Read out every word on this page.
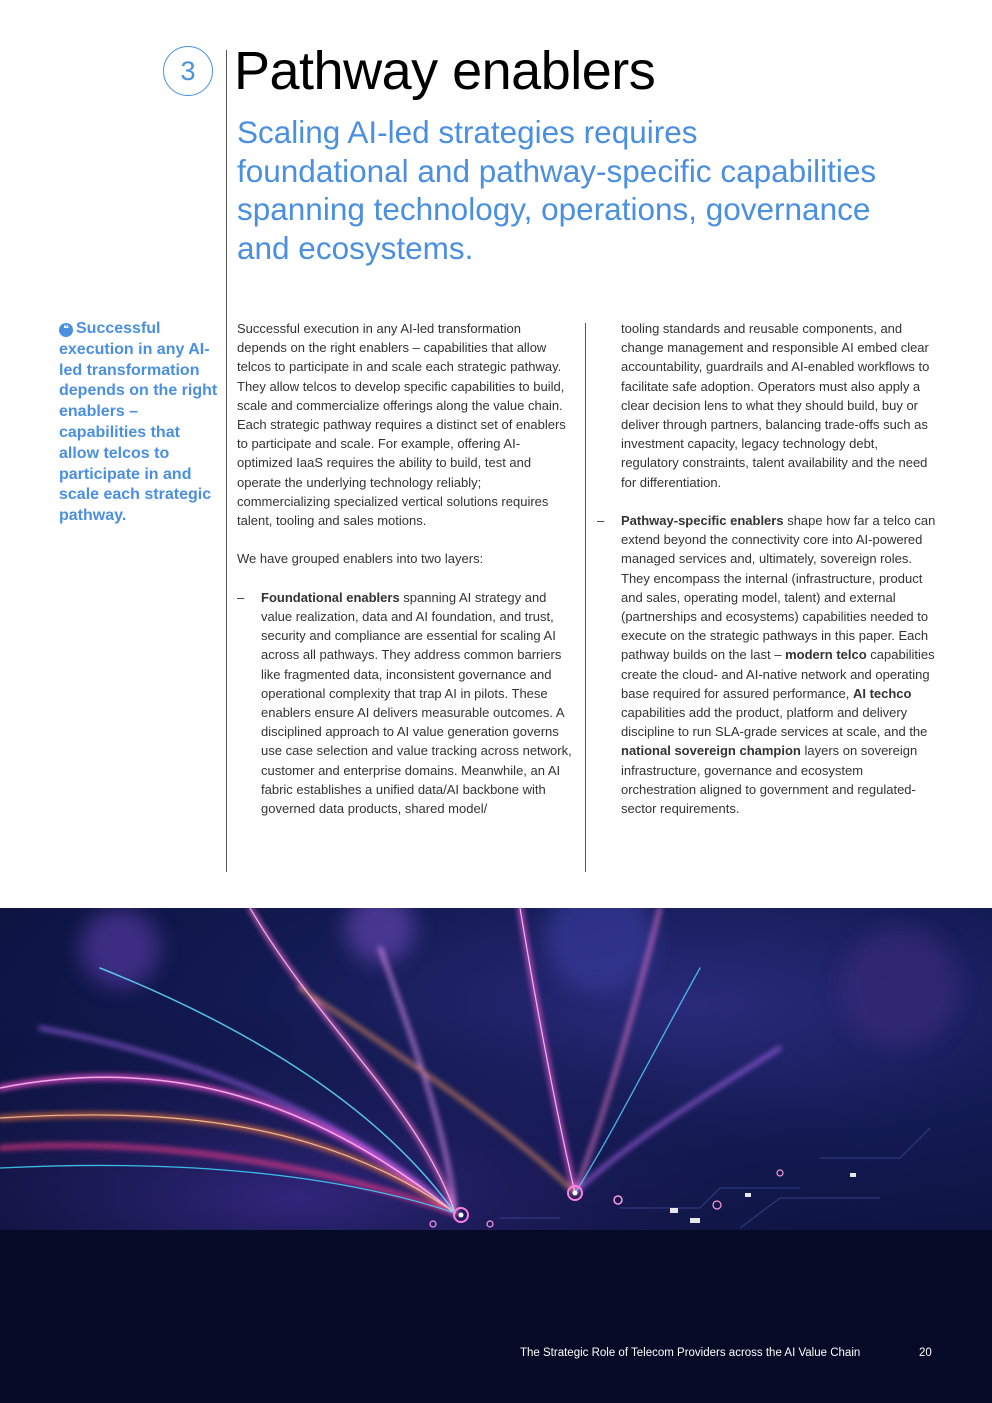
3 Pathway enablers
Scaling AI-led strategies requires foundational and pathway-specific capabilities spanning technology, operations, governance and ecosystems.
❝ Successful execution in any AI-led transformation depends on the right enablers – capabilities that allow telcos to participate in and scale each strategic pathway.

Successful execution in any AI-led transformation depends on the right enablers – capabilities that allow telcos to participate in and scale each strategic pathway. They allow telcos to develop specific capabilities to build, scale and commercialize offerings along the value chain. Each strategic pathway requires a distinct set of enablers to participate and scale. For example, offering AI-optimized IaaS requires the ability to build, test and operate the underlying technology reliably; commercializing specialized vertical solutions requires talent, tooling and sales motions.

We have grouped enablers into two layers:

– Foundational enablers spanning AI strategy and value realization, data and AI foundation, and trust, security and compliance are essential for scaling AI across all pathways. They address common barriers like fragmented data, inconsistent governance and operational complexity that trap AI in pilots. These enablers ensure AI delivers measurable outcomes. A disciplined approach to AI value generation governs use case selection and value tracking across network, customer and enterprise domains. Meanwhile, an AI fabric establishes a unified data/AI backbone with governed data products, shared model/

tooling standards and reusable components, and change management and responsible AI embed clear accountability, guardrails and AI-enabled workflows to facilitate safe adoption. Operators must also apply a clear decision lens to what they should build, buy or deliver through partners, balancing trade-offs such as investment capacity, legacy technology debt, regulatory constraints, talent availability and the need for differentiation.

– Pathway-specific enablers shape how far a telco can extend beyond the connectivity core into AI-powered managed services and, ultimately, sovereign roles. They encompass the internal (infrastructure, product and sales, operating model, talent) and external (partnerships and ecosystems) capabilities needed to execute on the strategic pathways in this paper. Each pathway builds on the last – modern telco capabilities create the cloud- and AI-native network and operating base required for assured performance, AI techco capabilities add the product, platform and delivery discipline to run SLA-grade services at scale, and the national sovereign champion layers on sovereign infrastructure, governance and ecosystem orchestration aligned to government and regulated-sector requirements.
The Strategic Role of Telecom Providers across the AI Value Chain	20
